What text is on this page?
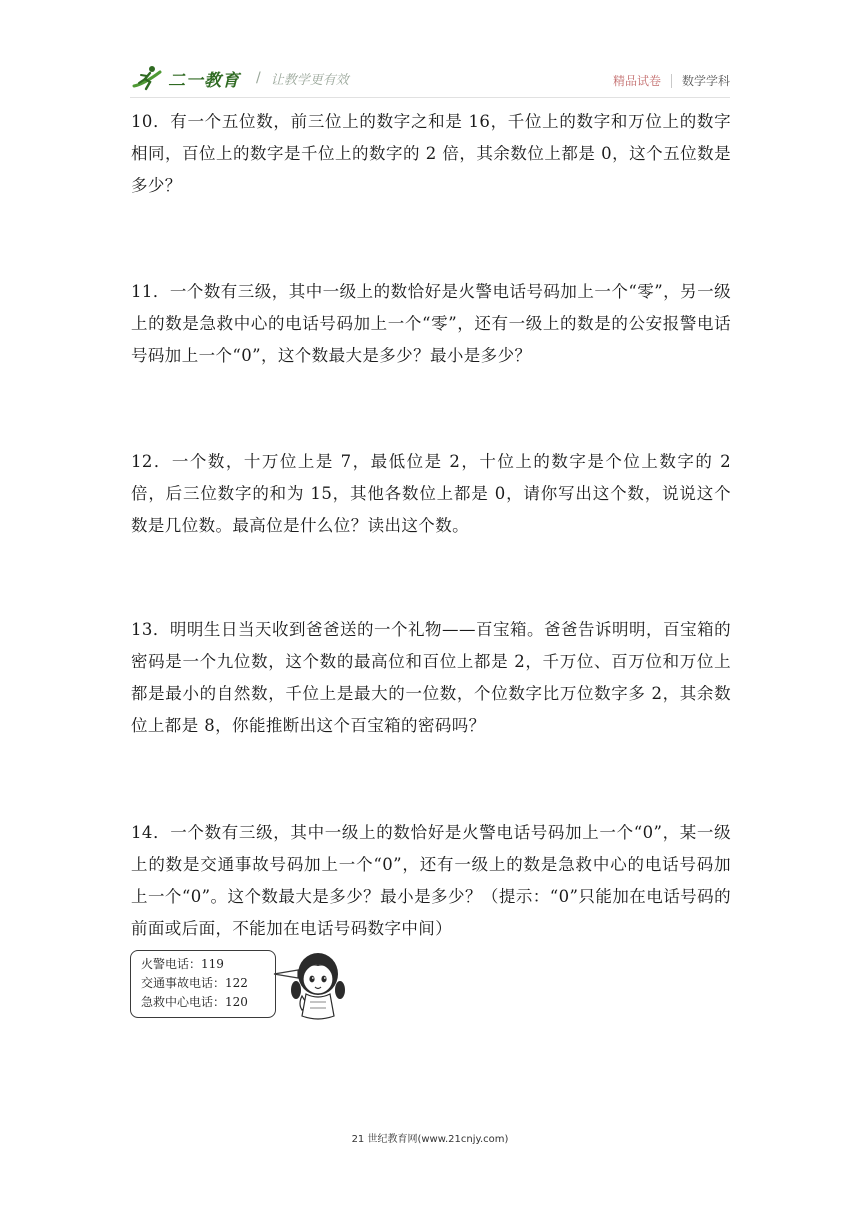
二一教育 / 让教学更有效	精品试卷 数学学科

10．有一个五位数，前三位上的数字之和是 16，千位上的数字和万位上的数字相同，百位上的数字是千位上的数字的 2 倍，其余数位上都是 0，这个五位数是多少？

11．一个数有三级，其中一级上的数恰好是火警电话号码加上一个“零”，另一级上的数是急救中心的电话号码加上一个“零”，还有一级上的数是的公安报警电话号码加上一个“0”，这个数最大是多少？最小是多少？

12．一个数，十万位上是 7，最低位是 2，十位上的数字是个位上数字的 2 倍，后三位数字的和为 15，其他各数位上都是 0，请你写出这个数，说说这个数是几位数。最高位是什么位？读出这个数。

13．明明生日当天收到爸爸送的一个礼物——百宝箱。爸爸告诉明明，百宝箱的密码是一个九位数，这个数的最高位和百位上都是 2，千万位、百万位和万位上都是最小的自然数，千位上是最大的一位数，个位数字比万位数字多 2，其余数位上都是 8，你能推断出这个百宝箱的密码吗？

14．一个数有三级，其中一级上的数恰好是火警电话号码加上一个“0”，某一级上的数是交通事故号码加上一个“0”，还有一级上的数是急救中心的电话号码加上一个“0”。这个数最大是多少？最小是多少？（提示：“0”只能加在电话号码的前面或后面，不能加在电话号码数字中间）

火警电话：119
交通事故电话：122
急救中心电话：120
21 世纪教育网(www.21cnjy.com)
